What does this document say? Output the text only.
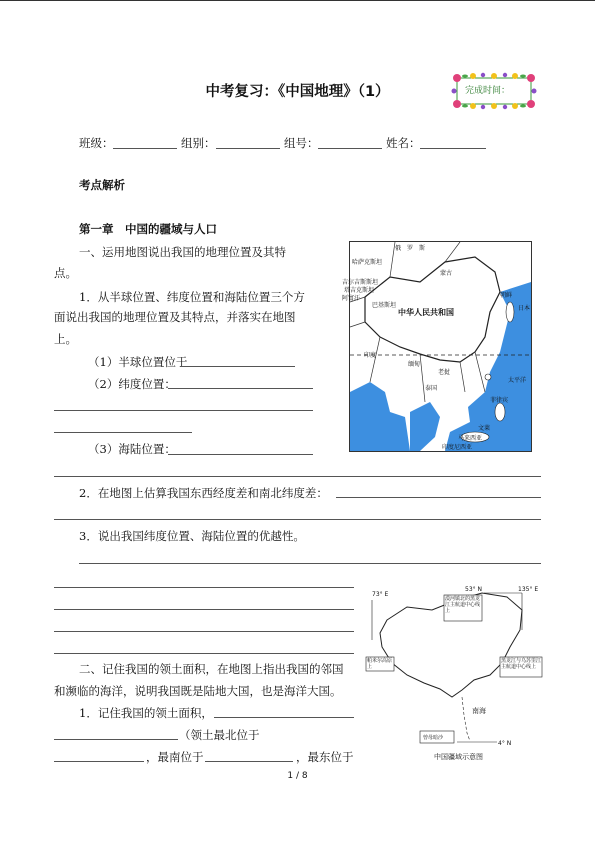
中考复习：《中国地理》（1）	完成时间：
班级：	组别：	组号：	姓名：
考点解析
第一章　中国的疆域与人口
一、运用地图说出我国的地理位置及其特
点。
1．从半球位置、纬度位置和海陆位置三个方
面说出我国的地理位置及其特点，并落实在地图
上。
（1）半球位置位于
（2）纬度位置：
（3）海陆位置：
2．在地图上估算我国东西经度差和南北纬度差：
3．说出我国纬度位置、海陆位置的优越性。
二、记住我国的领土面积，在地图上指出我国的邻国
和濒临的海洋，说明我国既是陆地大国，也是海洋大国。
1．记住我国的领土面积，
（领土最北位于
，最南位于	，最东位于
俄　罗　斯
哈萨克斯坦
吉尔吉斯斯坦
塔吉克斯坦
阿富汗
巴基斯坦
蒙古
中华人民共和国
朝鲜
日本
印度
缅甸
老挝
泰国
太平洋
菲律宾
文莱
马来西亚
印度尼西亚
53° N	135° E
73° E
4° N
漠河镇北的黑龙江主航道中心线上
黑龙江与乌苏里江主航道中心线上
帕米尔高原上
曾母暗沙
南海
中国疆域示意图
1 / 8
